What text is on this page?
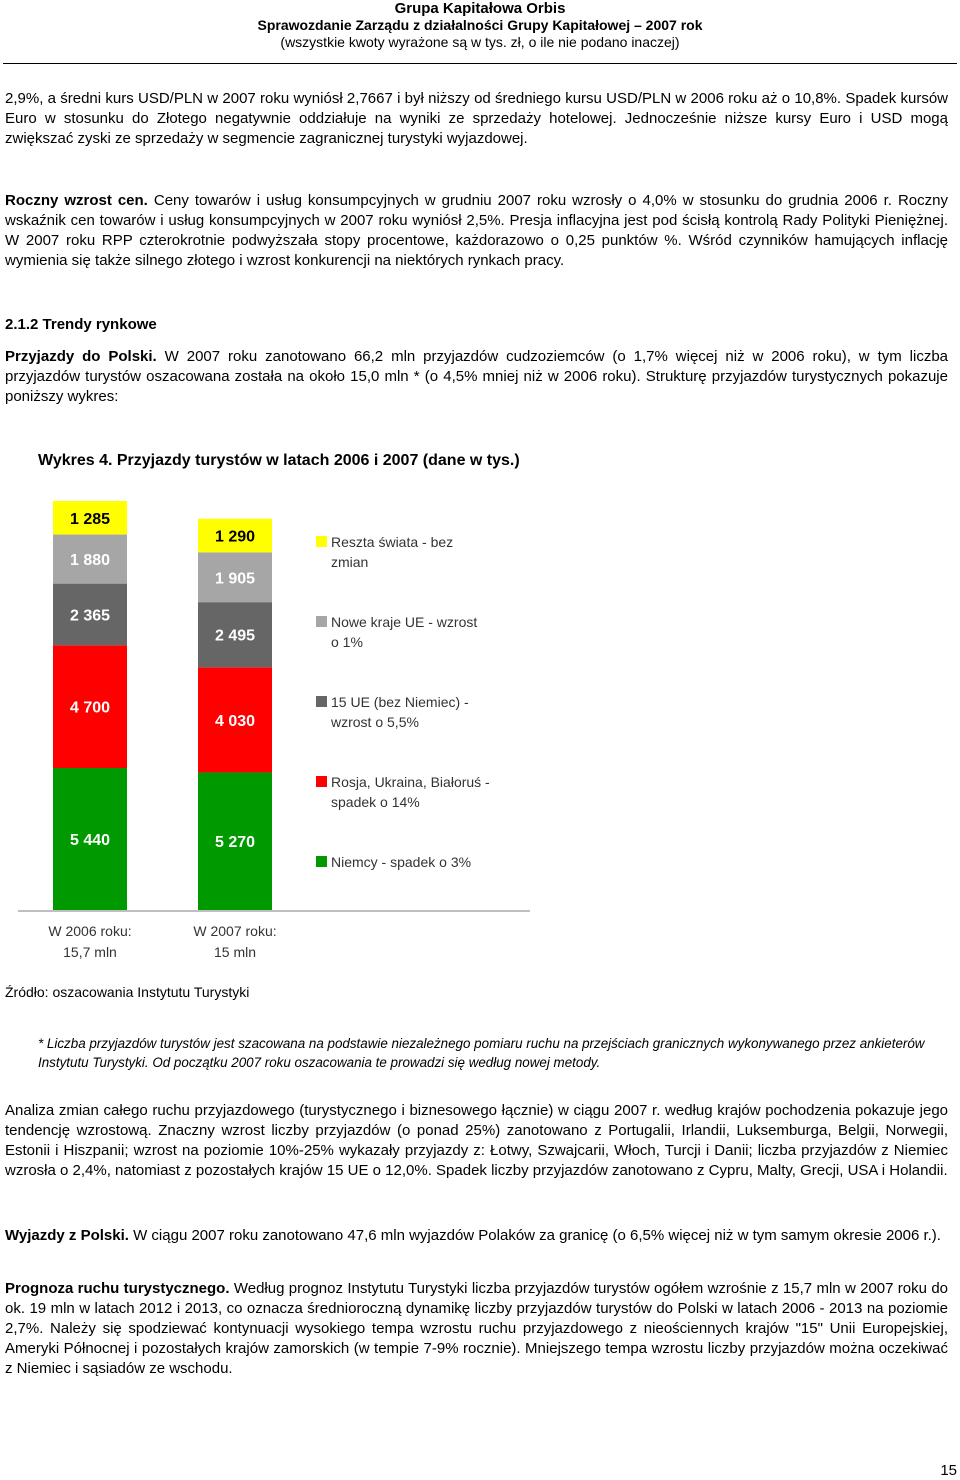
Grupa Kapitałowa Orbis
Sprawozdanie Zarządu z działalności Grupy Kapitałowej – 2007 rok
(wszystkie kwoty wyrażone są w tys. zł, o ile nie podano inaczej)

2,9%, a średni kurs USD/PLN w 2007 roku wyniósł 2,7667 i był niższy od średniego kursu USD/PLN w 2006 roku aż o 10,8%. Spadek kursów Euro w stosunku do Złotego negatywnie oddziałuje na wyniki ze sprzedaży hotelowej. Jednocześnie niższe kursy Euro i USD mogą zwiększać zyski ze sprzedaży w segmencie zagranicznej turystyki wyjazdowej.

Roczny wzrost cen. Ceny towarów i usług konsumpcyjnych w grudniu 2007 roku wzrosły o 4,0% w stosunku do grudnia 2006 r. Roczny wskaźnik cen towarów i usług konsumpcyjnych w 2007 roku wyniósł 2,5%. Presja inflacyjna jest pod ścisłą kontrolą Rady Polityki Pieniężnej. W 2007 roku RPP czterokrotnie podwyższała stopy procentowe, każdorazowo o 0,25 punktów %. Wśród czynników hamujących inflację wymienia się także silnego złotego i wzrost konkurencji na niektórych rynkach pracy.

2.1.2 Trendy rynkowe

Przyjazdy do Polski. W 2007 roku zanotowano 66,2 mln przyjazdów cudzoziemców (o 1,7% więcej niż w 2006 roku), w tym liczba przyjazdów turystów oszacowana została na około 15,0 mln * (o 4,5% mniej niż w 2006 roku). Strukturę przyjazdów turystycznych pokazuje poniższy wykres:

Wykres 4. Przyjazdy turystów w latach 2006 i 2007 (dane w tys.)
5 440
4 700
2 365
1 880
1 285
W 2006 roku:
15,7 mln
5 270
4 030
2 495
1 905
1 290
W 2007 roku:
15 mln
Reszta świata - bez
zmian
Nowe kraje UE - wzrost
o 1%
15 UE (bez Niemiec) -
wzrost o 5,5%
Rosja, Ukraina, Białoruś -
spadek o 14%
Niemcy - spadek o 3%
Źródło: oszacowania Instytutu Turystyki
* Liczba przyjazdów turystów jest szacowana na podstawie niezależnego pomiaru ruchu na przejściach granicznych wykonywanego przez ankieterów Instytutu Turystyki. Od początku 2007 roku oszacowania te prowadzi się według nowej metody.

Analiza zmian całego ruchu przyjazdowego (turystycznego i biznesowego łącznie) w ciągu 2007 r. według krajów pochodzenia pokazuje jego tendencję wzrostową. Znaczny wzrost liczby przyjazdów (o ponad 25%) zanotowano z Portugalii, Irlandii, Luksemburga, Belgii, Norwegii, Estonii i Hiszpanii; wzrost na poziomie 10%-25% wykazały przyjazdy z: Łotwy, Szwajcarii, Włoch, Turcji i Danii; liczba przyjazdów z Niemiec wzrosła o 2,4%, natomiast z pozostałych krajów 15 UE o 12,0%. Spadek liczby przyjazdów zanotowano z Cypru, Malty, Grecji, USA i Holandii.

Wyjazdy z Polski. W ciągu 2007 roku zanotowano 47,6 mln wyjazdów Polaków za granicę (o 6,5% więcej niż w tym samym okresie 2006 r.).

Prognoza ruchu turystycznego. Według prognoz Instytutu Turystyki liczba przyjazdów turystów ogółem wzrośnie z 15,7 mln w 2007 roku do ok. 19 mln w latach 2012 i 2013, co oznacza średnioroczną dynamikę liczby przyjazdów turystów do Polski w latach 2006 - 2013 na poziomie 2,7%. Należy się spodziewać kontynuacji wysokiego tempa wzrostu ruchu przyjazdowego z nieościennych krajów "15" Unii Europejskiej, Ameryki Północnej i pozostałych krajów zamorskich (w tempie 7-9% rocznie). Mniejszego tempa wzrostu liczby przyjazdów można oczekiwać z Niemiec i sąsiadów ze wschodu.

15
